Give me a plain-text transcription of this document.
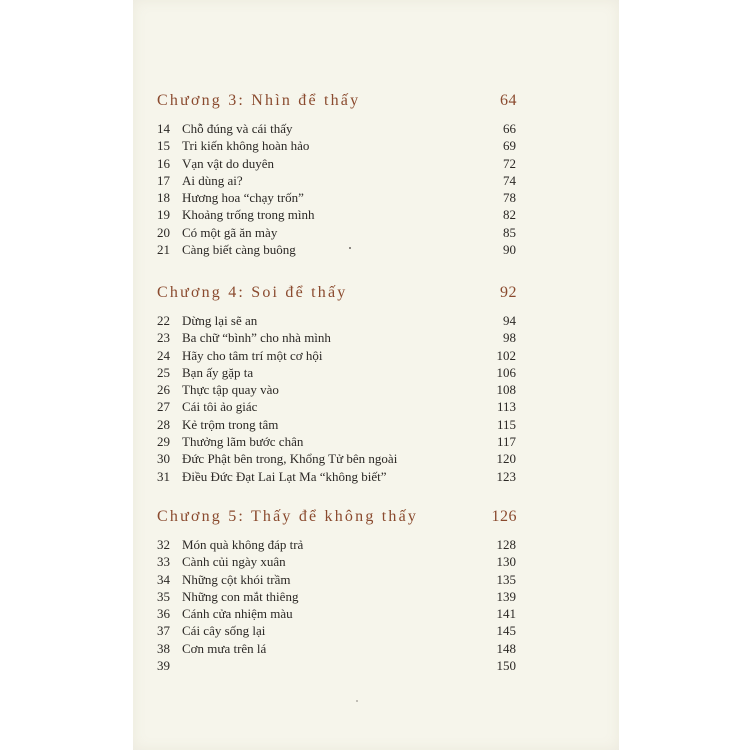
Chương 3: Nhìn để thấy	64
14 Chỗ đúng và cái thấy	66
15 Tri kiến không hoàn hảo	69
16 Vạn vật do duyên	72
17 Ai dùng ai?	74
18 Hương hoa “chạy trốn”	78
19 Khoảng trống trong mình	82
20 Có một gã ăn mày	85
21 Càng biết càng buông	90
Chương 4: Soi để thấy	92
22 Dừng lại sẽ an	94
23 Ba chữ “bình” cho nhà mình	98
24 Hãy cho tâm trí một cơ hội	102
25 Bạn ấy gặp ta	106
26 Thực tập quay vào	108
27 Cái tôi ảo giác	113
28 Kẻ trộm trong tâm	115
29 Thưởng lãm bước chân	117
30 Đức Phật bên trong, Khổng Tử bên ngoài	120
31 Điều Đức Đạt Lai Lạt Ma “không biết”	123
Chương 5: Thấy để không thấy	126
32 Món quà không đáp trả	128
33 Cành củi ngày xuân	130
34 Những cột khói trầm	135
35 Những con mắt thiêng	139
36 Cánh cửa nhiệm màu	141
37 Cái cây sống lại	145
38 Cơn mưa trên lá	148
39	150
